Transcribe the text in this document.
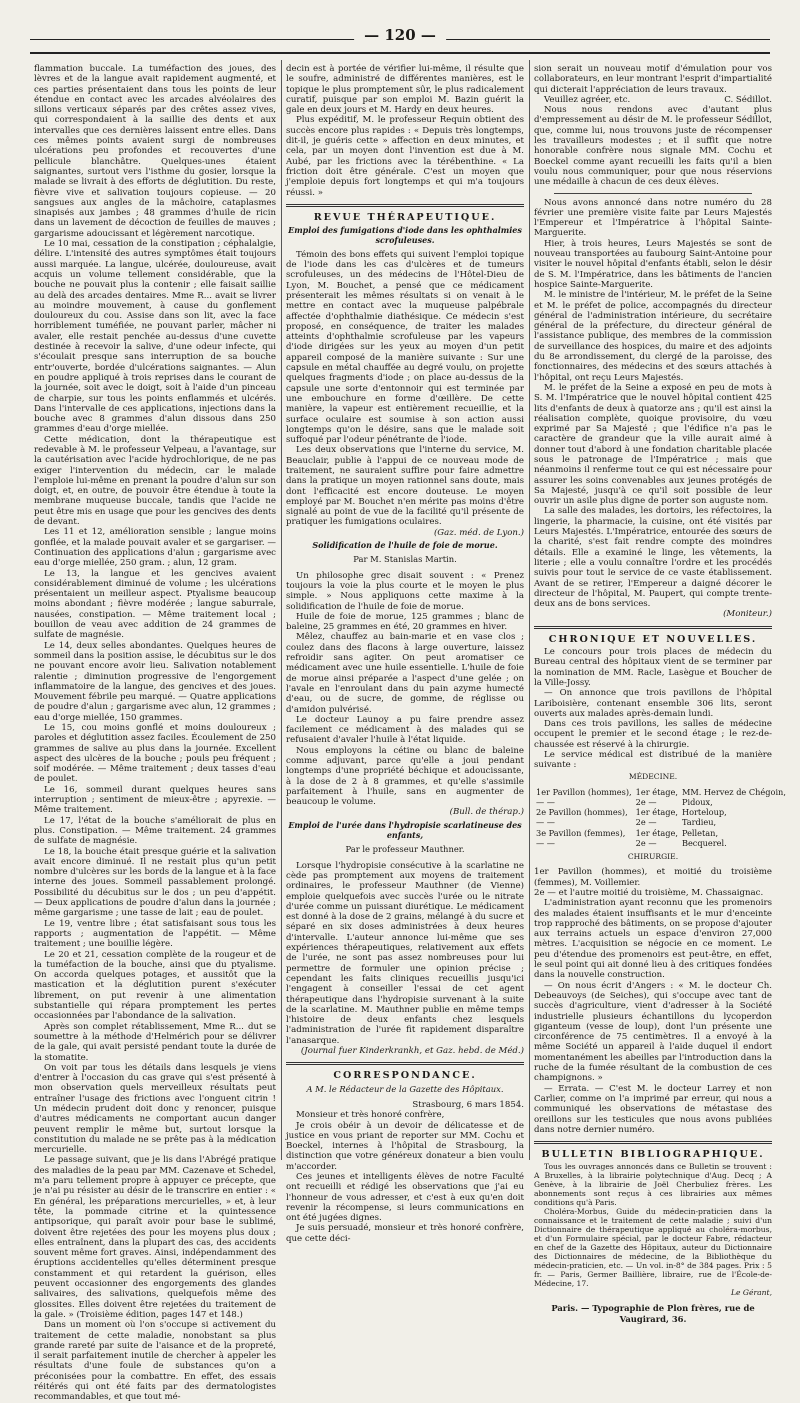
— 120 —

flammation buccale. La tuméfaction des joues, des lèvres et de la langue avait rapidement augmenté, et ces parties présentaient dans tous les points de leur étendue en contact avec les arcades alvéolaires des sillons verticaux séparés par des crêtes assez vives, qui correspondaient à la saillie des dents et aux intervalles que ces dernières laissent entre elles. Dans ces mêmes points avaient surgi de nombreuses ulcérations peu profondes et recouvertes d'une pellicule blanchâtre. Quelques-unes étaient saignantes, surtout vers l'isthme du gosier, lorsque la malade se livrait à des efforts de déglutition. Du reste, fièvre vive et salivation toujours copieuse. — 20 sangsues aux angles de la mâchoire, cataplasmes sinapisés aux jambes ; 48 grammes d'huile de ricin dans un lavement de décoction de feuilles de mauves ; gargarisme adoucissant et légèrement narcotique.

Le 10 mai, cessation de la constipation ; céphalalgie, délire. L'intensité des autres symptômes était toujours aussi marquée. La langue, ulcérée, douloureuse, avait acquis un volume tellement considérable, que la bouche ne pouvait plus la contenir ; elle faisait saillie au delà des arcades dentaires. Mme R... avait se livrer au moindre mouvement, à cause du gonflement douloureux du cou. Assise dans son lit, avec la face horriblement tuméfiée, ne pouvant parler, mâcher ni avaler, elle restait penchée au-dessus d'une cuvette destinée à recevoir la salive, d'une odeur infecte, qui s'écoulait presque sans interruption de sa bouche entr'ouverte, bordée d'ulcérations saignantes. — Alun en poudre appliqué à trois reprises dans le courant de la journée, soit avec le doigt, soit à l'aide d'un pinceau de charpie, sur tous les points enflammés et ulcérés. Dans l'intervalle de ces applications, injections dans la bouche avec 8 grammes d'alun dissous dans 250 grammes d'eau d'orge miellée.

Cette médication, dont la thérapeutique est redevable à M. le professeur Velpeau, a l'avantage, sur la cautérisation avec l'acide hydrochlorique, de ne pas exiger l'intervention du médecin, car le malade l'emploie lui-même en prenant la poudre d'alun sur son doigt, et, en outre, de pouvoir être étendue à toute la membrane muqueuse buccale, tandis que l'acide ne peut être mis en usage que pour les gencives des dents de devant.

Les 11 et 12, amélioration sensible ; langue moins gonflée, et la malade pouvait avaler et se gargariser. — Continuation des applications d'alun ; gargarisme avec eau d'orge miellée, 250 gram. ; alun, 12 gram.

Le 13, la langue et les gencives avaient considérablement diminué de volume ; les ulcérations présentaient un meilleur aspect. Ptyalisme beaucoup moins abondant ; fièvre modérée ; langue saburrale, nausées, constipation. — Même traitement local ; bouillon de veau avec addition de 24 grammes de sulfate de magnésie.

Le 14, deux selles abondantes. Quelques heures de sommeil dans la position assise, le décubitus sur le dos ne pouvant encore avoir lieu. Salivation notablement ralentie ; diminution progressive de l'engorgement inflammatoire de la langue, des gencives et des joues. Mouvement fébrile peu marqué. — Quatre applications de poudre d'alun ; gargarisme avec alun, 12 grammes ; eau d'orge miellée, 150 grammes.

Le 15, cou moins gonflé et moins douloureux ; paroles et déglutition assez faciles. Écoulement de 250 grammes de salive au plus dans la journée. Excellent aspect des ulcères de la bouche ; pouls peu fréquent ; soif modérée. — Même traitement ; deux tasses d'eau de poulet.

Le 16, sommeil durant quelques heures sans interruption ; sentiment de mieux-être ; apyrexie. — Même traitement.

Le 17, l'état de la bouche s'améliorait de plus en plus. Constipation. — Même traitement. 24 grammes de sulfate de magnésie.

Le 18, la bouche était presque guérie et la salivation avait encore diminué. Il ne restait plus qu'un petit nombre d'ulcères sur les bords de la langue et à la face interne des joues. Sommeil passablement prolongé. Possibilité du décubitus sur le dos ; un peu d'appétit. — Deux applications de poudre d'alun dans la journée ; même gargarisme ; une tasse de lait ; eau de poulet.

Le 19, ventre libre ; état satisfaisant sous tous les rapports ; augmentation de l'appétit. — Même traitement ; une bouillie légère.

Le 20 et 21, cessation complète de la rougeur et de la tuméfaction de la bouche, ainsi que du ptyalisme. On accorda quelques potages, et aussitôt que la mastication et la déglutition purent s'exécuter librement, on put revenir à une alimentation substantielle qui répara promptement les pertes occasionnées par l'abondance de la salivation.

Après son complet rétablissement, Mme R... dut se soumettre à la méthode d'Helmérich pour se délivrer de la gale, qui avait persisté pendant toute la durée de la stomatite.

On voit par tous les détails dans lesquels je viens d'entrer à l'occasion du cas grave qui s'est présenté à mon observation quels merveilleux résultats peut entraîner l'usage des frictions avec l'onguent citrin ! Un médecin prudent doit donc y renoncer, puisque d'autres médicaments ne comportant aucun danger peuvent remplir le même but, surtout lorsque la constitution du malade ne se prête pas à la médication mercurielle.

Le passage suivant, que je lis dans l'Abrégé pratique des maladies de la peau par MM. Cazenave et Schedel, m'a paru tellement propre à appuyer ce précepte, que je n'ai pu résister au désir de le transcrire en entier : « En général, les préparations mercurielles, » et, à leur tête, la pommade citrine et la quintessence antipsorique, qui paraît avoir pour base le sublimé, doivent être rejetées des pour les moyens plus doux ; elles entraînent, dans la plupart des cas, des accidents souvent même fort graves. Ainsi, indépendamment des éruptions accidentelles qu'elles déterminent presque constamment et qui retardent la guérison, elles peuvent occasionner des engorgements des glandes salivaires, des salivations, quelquefois même des glossites. Elles doivent être rejetées du traitement de la gale. » (Troisième édition, pages 147 et 148.)

Dans un moment où l'on s'occupe si activement du traitement de cette maladie, nonobstant sa plus grande rareté par suite de l'aisance et de la propreté, il serait parfaitement inutile de chercher à appeler les résultats d'une foule de substances qu'on a préconisées pour la combattre. En effet, des essais réitérés qui ont été faits par des dermatologistes recommandables, et que tout mé-

decin est à portée de vérifier lui-même, il résulte que le soufre, administré de différentes manières, est le topique le plus promptement sûr, le plus radicalement curatif, puisque par son emploi M. Bazin guérit la gale en deux jours et M. Hardy en deux heures.

Plus expéditif, M. le professeur Requin obtient des succès encore plus rapides : « Depuis très longtemps, dit-il, je guéris cette » affection en deux minutes, et cela, par un moyen dont l'invention est due à M. Aubé, par les frictions avec la térébenthine. « La friction doit être générale. C'est un moyen que j'emploie depuis fort longtemps et qui m'a toujours réussi. »

REVUE THÉRAPEUTIQUE.

Emploi des fumigations d'iode dans les ophthalmies scrofuleuses.

Témoin des bons effets qui suivent l'emploi topique de l'iode dans les cas d'ulcères et de tumeurs scrofuleuses, un des médecins de l'Hôtel-Dieu de Lyon, M. Bouchet, a pensé que ce médicament présenterait les mêmes résultats si on venait à le mettre en contact avec la muqueuse palpébrale affectée d'ophthalmie diathésique. Ce médecin s'est proposé, en conséquence, de traiter les malades atteints d'ophthalmie scrofuleuse par les vapeurs d'iode dirigées sur les yeux au moyen d'un petit appareil composé de la manière suivante : Sur une capsule en métal chauffée au degré voulu, on projette quelques fragments d'iode ; on place au-dessus de la capsule une sorte d'entonnoir qui est terminée par une embouchure en forme d'œillère. De cette manière, la vapeur est entièrement recueillie, et la surface oculaire est soumise à son action aussi longtemps qu'on le désire, sans que le malade soit suffoqué par l'odeur pénétrante de l'iode.

Les deux observations que l'interne du service, M. Beauclair, publie à l'appui de ce nouveau mode de traitement, ne sauraient suffire pour faire admettre dans la pratique un moyen rationnel sans doute, mais dont l'efficacité est encore douteuse. Le moyen employé par M. Bouchet n'en mérite pas moins d'être signalé au point de vue de la facilité qu'il présente de pratiquer les fumigations oculaires.

(Gaz. méd. de Lyon.)

Solidification de l'huile de foie de morue.

Par M. Stanislas Martin.

Un philosophe grec disait souvent : « Prenez toujours la voie la plus courte et le moyen le plus simple. » Nous appliquons cette maxime à la solidification de l'huile de foie de morue.

Huile de foie de morue, 125 grammes ; blanc de baleine, 25 grammes en été, 20 grammes en hiver.

Mêlez, chauffez au bain-marie et en vase clos ; coulez dans des flacons à large ouverture, laissez refroidir sans agiter. On peut aromatiser ce médicament avec une huile essentielle. L'huile de foie de morue ainsi préparée a l'aspect d'une gelée ; on l'avale en l'enroulant dans du pain azyme humecté d'eau, ou de sucre, de gomme, de réglisse ou d'amidon pulvérisé.

Le docteur Launoy a pu faire prendre assez facilement ce médicament à des malades qui se refusaient d'avaler l'huile à l'état liquide.

Nous employons la cétine ou blanc de baleine comme adjuvant, parce qu'elle a joui pendant longtemps d'une propriété béchique et adoucissante, à la dose de 2 à 8 grammes, et qu'elle s'assimile parfaitement à l'huile, sans en augmenter de beaucoup le volume.

(Bull. de thérap.)

Emploi de l'urée dans l'hydropisie scarlatineuse des enfants,

Par le professeur Mauthner.

Lorsque l'hydropisie consécutive à la scarlatine ne cède pas promptement aux moyens de traitement ordinaires, le professeur Mauthner (de Vienne) emploie quelquefois avec succès l'urée ou le nitrate d'urée comme un puissant diurétique. Le médicament est donné à la dose de 2 grains, mélangé à du sucre et séparé en six doses administrées à deux heures d'intervalle. L'auteur annonce lui-même que ses expériences thérapeutiques, relativement aux effets de l'urée, ne sont pas assez nombreuses pour lui permettre de formuler une opinion précise ; cependant les faits cliniques recueillis jusqu'ici l'engagent à conseiller l'essai de cet agent thérapeutique dans l'hydropisie survenant à la suite de la scarlatine. M. Mauthner publie en même temps l'histoire de deux enfants chez lesquels l'administration de l'urée fit rapidement disparaître l'anasarque.

(Journal fuer Kinderkrankh, et Gaz. hebd. de Méd.)

CORRESPONDANCE.

A M. le Rédacteur de la Gazette des Hôpitaux.

Strasbourg, 6 mars 1854.

Monsieur et très honoré confrère,

Je crois obéir à un devoir de délicatesse et de justice en vous priant de reporter sur MM. Cochu et Boeckel, internes à l'hôpital de Strasbourg, la distinction que votre généreux donateur a bien voulu m'accorder.

Ces jeunes et intelligents élèves de notre Faculté ont recueilli et rédigé les observations que j'ai eu l'honneur de vous adresser, et c'est à eux qu'en doit revenir la récompense, si leurs communications en ont été jugées dignes.

Je suis persuadé, monsieur et très honoré confrère, que cette déci-

sion serait un nouveau motif d'émulation pour vos collaborateurs, en leur montrant l'esprit d'impartialité qui dicterait l'appréciation de leurs travaux.

Veuillez agréer, etc.	C. Sédillot.

Nous nous rendons avec d'autant plus d'empressement au désir de M. le professeur Sédillot, que, comme lui, nous trouvons juste de récompenser les travailleurs modestes ; et il suffit que notre honorable confrère nous signale MM. Cochu et Boeckel comme ayant recueilli les faits qu'il a bien voulu nous communiquer, pour que nous réservions une médaille à chacun de ces deux élèves.

Nous avons annoncé dans notre numéro du 28 février une première visite faite par Leurs Majestés l'Empereur et l'Impératrice à l'hôpital Sainte-Marguerite.

Hier, à trois heures, Leurs Majestés se sont de nouveau transportées au faubourg Saint-Antoine pour visiter le nouvel hôpital d'enfants établi, selon le désir de S. M. l'Impératrice, dans les bâtiments de l'ancien hospice Sainte-Marguerite.

M. le ministre de l'intérieur, M. le préfet de la Seine et M. le préfet de police, accompagnés du directeur général de l'administration intérieure, du secrétaire général de la préfecture, du directeur général de l'assistance publique, des membres de la commission de surveillance des hospices, du maire et des adjoints du 8e arrondissement, du clergé de la paroisse, des fonctionnaires, des médecins et des sœurs attachés à l'hôpital, ont reçu Leurs Majestés.

M. le préfet de la Seine a exposé en peu de mots à S. M. l'Impératrice que le nouvel hôpital contient 425 lits d'enfants de deux à quatorze ans ; qu'il est ainsi la réalisation complète, quoique provisoire, du vœu exprimé par Sa Majesté ; que l'édifice n'a pas le caractère de grandeur que la ville aurait aimé à donner tout d'abord à une fondation charitable placée sous le patronage de l'Impératrice ; mais que néanmoins il renferme tout ce qui est nécessaire pour assurer les soins convenables aux jeunes protégés de Sa Majesté, jusqu'à ce qu'il soit possible de leur ouvrir un asile plus digne de porter son auguste nom.

La salle des malades, les dortoirs, les réfectoires, la lingerie, la pharmacie, la cuisine, ont été visités par Leurs Majestés. L'Impératrice, entourée des sœurs de la charité, s'est fait rendre compte des moindres détails. Elle a examiné le linge, les vêtements, la literie ; elle a voulu connaître l'ordre et les procédés suivis pour tout le service de ce vaste établissement. Avant de se retirer, l'Empereur a daigné décorer le directeur de l'hôpital, M. Paupert, qui compte trente-deux ans de bons services.

(Moniteur.)

CHRONIQUE ET NOUVELLES.

Le concours pour trois places de médecin du Bureau central des hôpitaux vient de se terminer par la nomination de MM. Racle, Lasègue et Boucher de la Ville-Jossy.

— On annonce que trois pavillons de l'hôpital Lariboisière, contenant ensemble 306 lits, seront ouverts aux malades après-demain lundi.

Dans ces trois pavillons, les salles de médecine occupent le premier et le second étage ; le rez-de-chaussée est réservé à la chirurgie.

Le service médical est distribué de la manière suivante :

MÉDECINE.

1er Pavillon (hommes),	1er étage,	MM. Hervez de Chégoin,
— —	2e —	Pidoux,
2e Pavillon (hommes),	1er étage,	Horteloup,
— —	2e —	Tardieu,
3e Pavillon (femmes),	1er étage,	Pelletan,
— —	2e —	Becquerel.

CHIRURGIE.

1er Pavillon (hommes), et moitié du troisième (femmes), M. Voillemier.

2e — et l'autre moitié du troisième, M. Chassaignac.

L'administration ayant reconnu que les promenoirs des malades étaient insuffisants et le mur d'enceinte trop rapproché des bâtiments, on se propose d'ajouter aux terrains actuels un espace d'environ 27,000 mètres. L'acquisition se négocie en ce moment. Le peu d'étendue des promenoirs est peut-être, en effet, le seul point qui ait donné lieu à des critiques fondées dans la nouvelle construction.

— On nous écrit d'Angers : « M. le docteur Ch. Debeauvoys (de Seiches), qui s'occupe avec tant de succès d'agriculture, vient d'adresser à la Société industrielle plusieurs échantillons du lycoperdon giganteum (vesse de loup), dont l'un présente une circonférence de 75 centimètres. Il a envoyé à la même Société un appareil à l'aide duquel il endort momentanément les abeilles par l'introduction dans la ruche de la fumée résultant de la combustion de ces champignons. »

— Errata. — C'est M. le docteur Larrey et non Carlier, comme on l'a imprimé par erreur, qui nous a communiqué les observations de métastase des oreillons sur les testicules que nous avons publiées dans notre dernier numéro.

BULLETIN BIBLIOGRAPHIQUE.

Tous les ouvrages annoncés dans ce Bulletin se trouvent : A Bruxelles, à la librairie polytechnique d'Aug. Decq ; A Genève, à la librairie de Joël Cherbuliez frères. Les abonnements sont reçus à ces librairies aux mêmes conditions qu'à Paris.

Choléra-Morbus, Guide du médecin-praticien dans la connaissance et le traitement de cette maladie ; suivi d'un Dictionnaire de thérapeutique appliqué au choléra-morbus, et d'un Formulaire spécial, par le docteur Fabre, rédacteur en chef de la Gazette des Hôpitaux, auteur du Dictionnaire des Dictionnaires de médecine, de la Bibliothèque du médecin-praticien, etc. — Un vol. in-8° de 384 pages. Prix : 5 fr. — Paris, Germer Baillière, libraire, rue de l'École-de-Médecine, 17.

Le Gérant,

Paris. — Typographie de Plon frères, rue de Vaugirard, 36.
